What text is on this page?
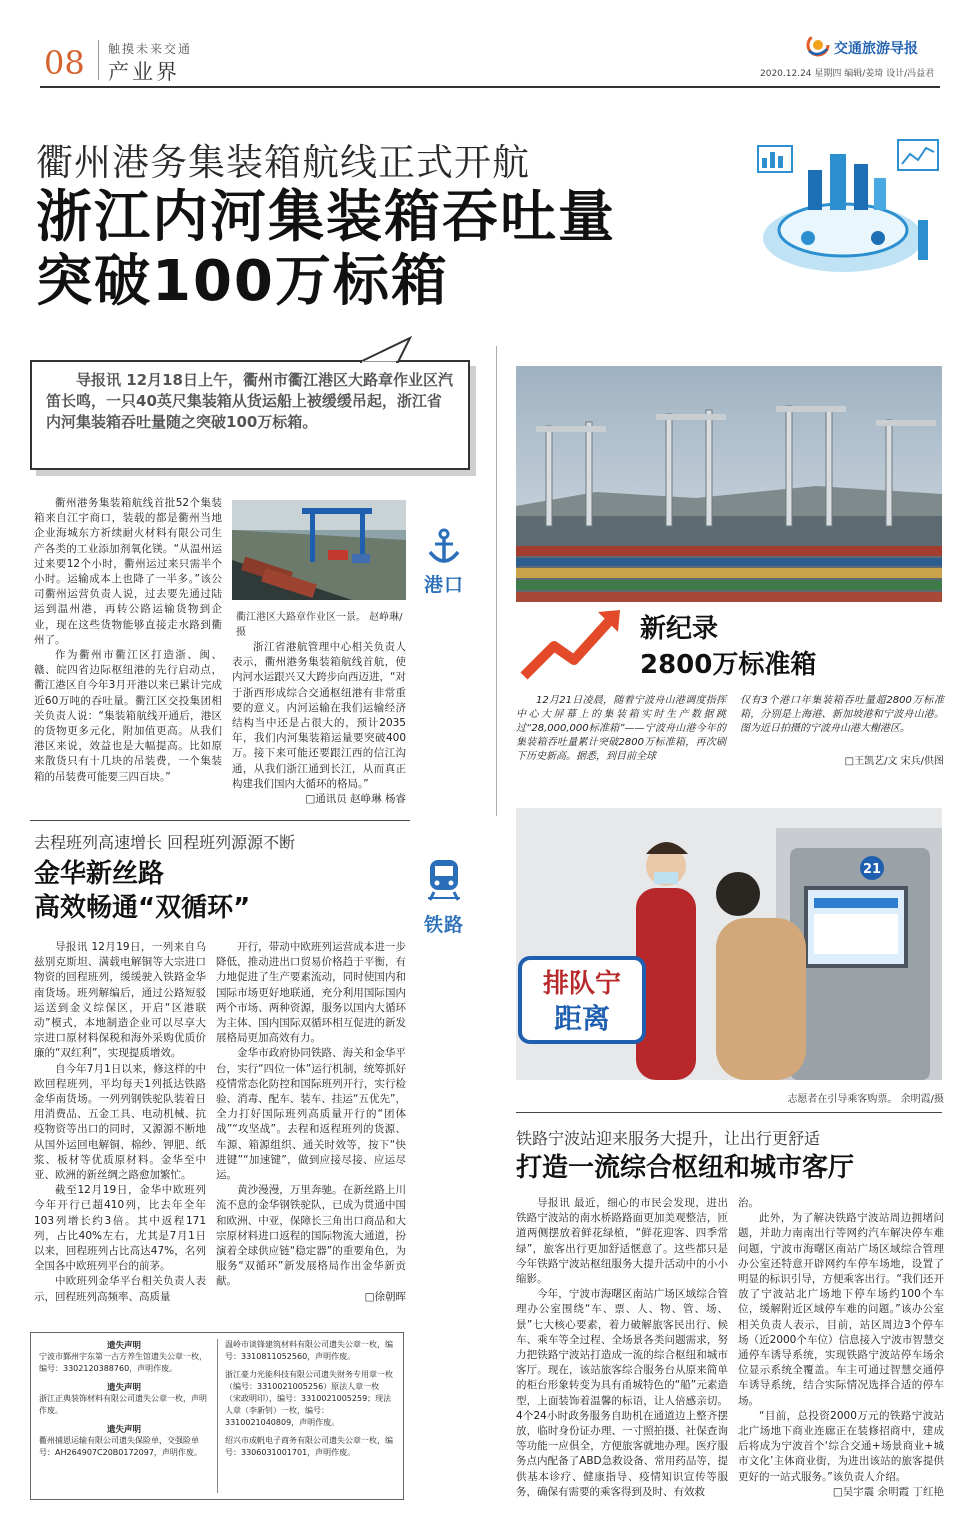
08 触摸未来交通
产业界
交通旅游导报
2020.12.24 星期四 编辑/姜琦 设计/冯益君
衢州港务集装箱航线正式开航
浙江内河集装箱吞吐量
突破100万标箱

导报讯 12月18日上午，衢州市衢江港区大路章作业区汽笛长鸣，一只40英尺集装箱从货运船上被缓缓吊起，浙江省内河集装箱吞吐量随之突破100万标箱。

衢州港务集装箱航线首批52个集装箱来自江宇商口，装载的都是衢州当地企业海城东方祈续耐火材料有限公司生产各类的工业添加剂氧化镁。“从温州运过来要12个小时，衢州运过来只需半个小时。运输成本上也降了一半多。”该公司衢州运营负责人说，过去要先通过陆运到温州港，再转公路运输货物到企业，现在这些货物能够直接走水路到衢州了。

作为衢州市衢江区打造浙、闽、赣、皖四省边际枢纽港的先行启动点，衢江港区自今年3月开港以来已累计完成近60万吨的吞吐量。衢江区交投集团相关负责人说：“集装箱航线开通后，港区的货物更多元化，附加值更高。从我们港区来说，效益也是大幅提高。比如原来散货只有十几块的吊装费，一个集装箱的吊装费可能要三四百块。”

衢江港区大路章作业区一景。 赵峥琳/摄

浙江省港航管理中心相关负责人表示，衢州港务集装箱航线首航，使内河水运跟兴又大跨步向西迈进，“对于浙西形成综合交通枢纽港有非常重要的意义。内河运输在我们运输经济结构当中还是占很大的，预计2035年，我们内河集装箱运量要突破400万。接下来可能还要跟江西的信江沟通，从我们浙江通到长江，从而真正构建我们国内大循环的格局。”

□通讯员 赵峥琳 杨睿
港口
新纪录
2800万标准箱
12月21日凌晨，随着宁波舟山港调度指挥中心大屏幕上的集装箱实时生产数据跳过“28,000,000标准箱”——宁波舟山港今年的集装箱吞吐量累计突破2800万标准箱，再次刷下历史新高。据悉，到目前全球
仅有3个港口年集装箱吞吐量超2800万标准箱，分别是上海港、新加坡港和宁波舟山港。图为近日拍摄的宁波舟山港大榭港区。
□王凯艺/文 宋兵/供图
去程班列高速增长 回程班列源源不断
金华新丝路
高效畅通“双循环”

导报讯 12月19日，一列来自乌兹别克斯坦、满载电解铜等大宗进口物资的回程班列，缓缓驶入铁路金华南货场。班列解编后，通过公路短驳运送到金义综保区，开启“区港联动”模式，本地制造企业可以尽享大宗进口原材料保税和海外采购优质价廉的“双红利”，实现提质增效。

自今年7月1日以来，修这样的中欧回程班列，平均每天1列抵达铁路金华南货场。一列列钢铁驼队装着日用消费品、五金工具、电动机械、抗疫物资等出口的同时，又源源不断地从国外运回电解铜、棉纱、钾肥、纸浆、板材等优质原材料。金华至中亚、欧洲的新丝绸之路愈加繁忙。

截至12月19日，金华中欧班列今年开行已超410列，比去年全年103列增长约3倍。其中返程171列，占比40%左右，尤其是7月1日以来，回程班列占比高达47%，名列全国各中欧班列平台的前茅。

中欧班列金华平台相关负责人表示，回程班列高频率、高质量

开行，带动中欧班列运营成本进一步降低，推动进出口贸易价格趋于平衡，有力地促进了生产要素流动，同时使国内和国际市场更好地联通，充分利用国际国内两个市场、两种资源，服务以国内大循环为主体、国内国际双循环相互促进的新发展格局更加高效有力。

金华市政府协同铁路、海关和金华平台，实行“四位一体”运行机制，统筹抓好疫情常态化防控和国际班列开行，实行检验、消毒、配车、装车、挂运“五优先”，全力打好国际班列高质量开行的“团体战”“攻坚战”。去程和返程班列的货源、车源、箱源组织、通关时效等，按下“快进键”“加速键”，做到应接尽接、应运尽运。

黄沙漫漫，万里奔驰。在新丝路上川流不息的金华钢铁驼队，已成为贯通中国和欧洲、中亚，保障长三角出口商品和大宗原材料进口返程的国际物流大通道，扮演着全球供应链“稳定器”的重要角色，为服务“双循环”新发展格局作出金华新贡献。

□徐朝晖
铁路
21
排队宁
距离
志愿者在引导乘客购票。 余明霞/摄
铁路宁波站迎来服务大提升，让出行更舒适
打造一流综合枢纽和城市客厅

导报讯 最近，细心的市民会发现，进出铁路宁波站的南水桥路路面更加美观整洁，匝道两侧摆放着鲜花绿植，“鲜花迎客、四季常绿”，旅客出行更加舒适惬意了。这些都只是今年铁路宁波站枢纽服务大提升活动中的小小缩影。

今年，宁波市海曙区南站广场区域综合管理办公室围绕“车、票、人、物、管、场、景”七大核心要素，着力破解旅客民出行、候车、乘车等全过程、全场景各类问题需求，努力把铁路宁波站打造成一流的综合枢纽和城市客厅。现在，该站旅客综合服务台从原来简单的柜台形象转变为具有甬城特色的“船”元素造型，上面装饰着温馨的标语，让人倍感亲切。4个24小时政务服务自助机在通道边上整齐摆放，临时身份证办理、一寸照拍摄、社保查询等功能一应俱全，方便旅客就地办理。医疗服务点内配备了ABD急救设备、常用药品等，提供基本诊疗、健康指导、疫情知识宣传等服务，确保有需要的乘客得到及时、有效救

治。

此外，为了解决铁路宁波站周边拥堵问题，并助力南南出行等网约汽车解决停车难问题，宁波市海曙区南站广场区域综合管理办公室还特意开辟网约车停车场地，设置了明显的标识引导，方便乘客出行。“我们还开放了宁波站北广场地下停车场约100个车位，缓解附近区域停车难的问题。”该办公室相关负责人表示，目前，站区周边3个停车场（近2000个车位）信息接入宁波市智慧交通停车诱导系统，实现铁路宁波站停车场余位显示系统全覆盖。车主可通过智慧交通停车诱导系统，结合实际情况选择合适的停车场。

“目前，总投资2000万元的铁路宁波站北广场地下商业连廊正在装修招商中，建成后将成为宁波首个‘综合交通+场景商业+城市文化’主体商业街，为进出该站的旅客提供更好的一站式服务。”该负责人介绍。

□吴宇震 余明霞 丁红艳
遗失声明
宁波市鄞州宇东第一古方养生馆遗失公章一枚，编号：3302120388760，声明作废。
遗失声明
浙江正典装饰材料有限公司遗失公章一枚，声明作废。
遗失声明
衢州捕恩运输有限公司遗失保险单，交强险单号：AH264907C20B0172097，声明作废。
温岭市谈锋建筑材料有限公司遗失公章一枚，编号：3310811052560，声明作废。
浙江豪力光能科技有限公司遗失财务专用章一枚（编号：3310021005256）原法人章一枚（宋政明印），编号：3310021005259；现法人章（李新钊）一枚，编号：3310021040809，声明作废。
绍兴市成帆电子商务有限公司遗失公章一枚，编号：3306031001701，声明作废。
